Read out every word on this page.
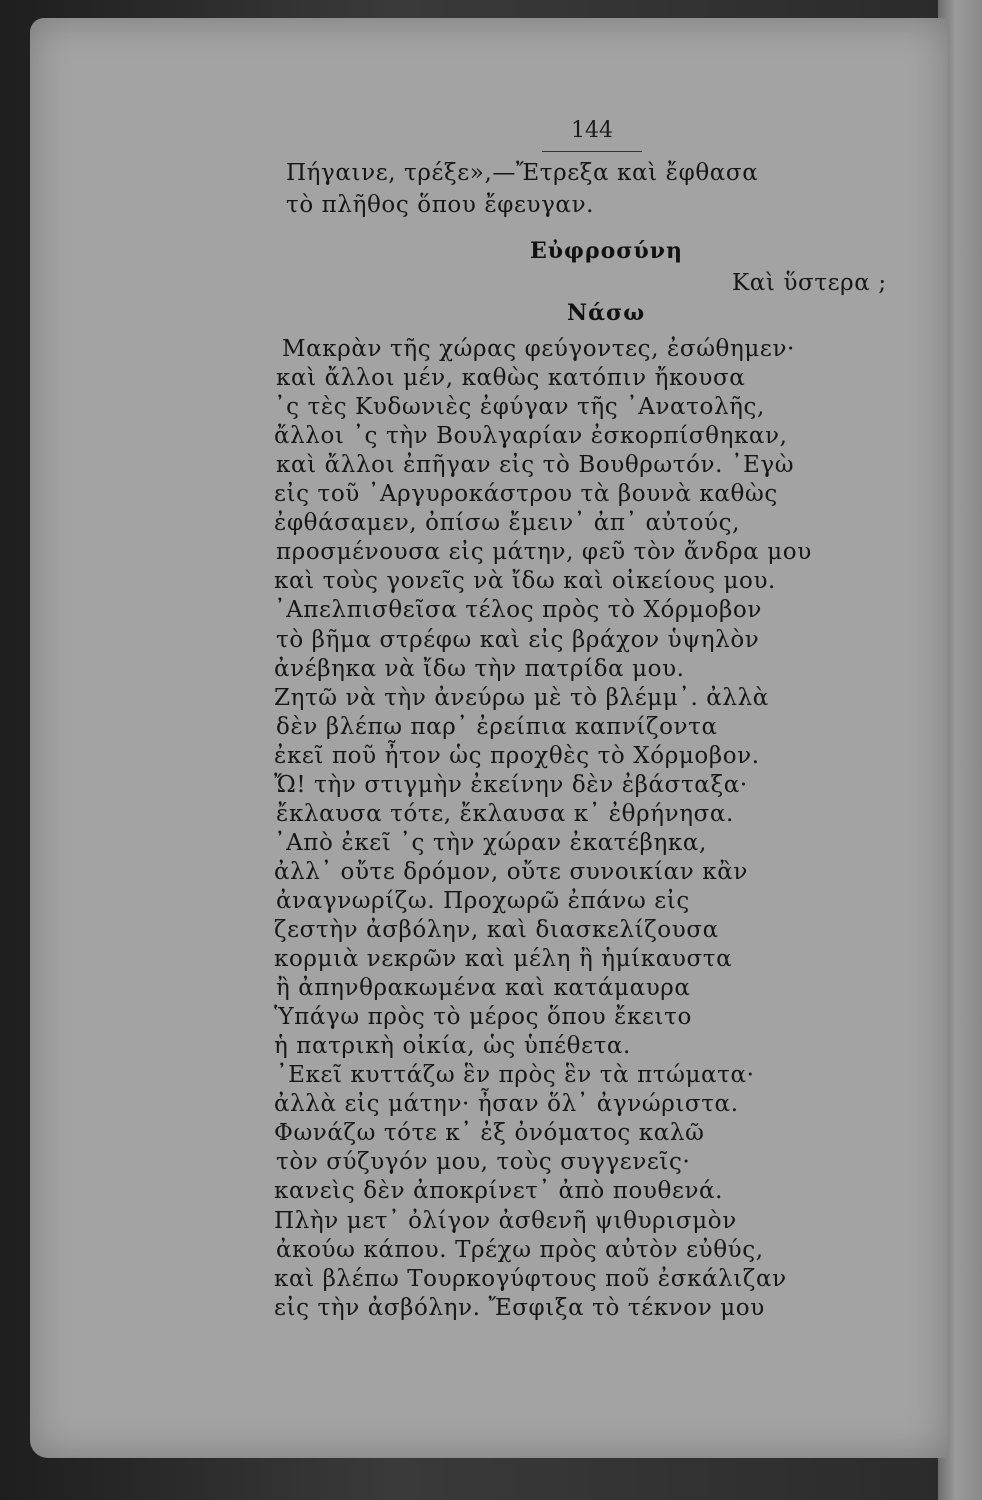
144
Πήγαινε, τρέξε»,—Ἔτρεξα καὶ ἔφθασα
τὸ πλῆθος ὅπου ἔφευγαν.
Εὐφροσύνη
Καὶ ὕστερα ;
Νάσω
Μακρὰν τῆς χώρας φεύγοντες, ἐσώθημεν·
καὶ ἄλλοι μέν, καθὼς κατόπιν ἤκουσα
᾿ς τὲς Κυδωνιὲς ἐφύγαν τῆς ᾿Ανατολῆς,
ἄλλοι ᾿ς τὴν Βουλγαρίαν ἐσκορπίσθηκαν,
καὶ ἄλλοι ἐπῆγαν εἰς τὸ Βουθρωτόν. ᾿Εγὼ
εἰς τοῦ ᾿Αργυροκάστρου τὰ βουνὰ καθὼς
ἐφθάσαμεν, ὀπίσω ἔμειν᾿ ἀπ᾿ αὐτούς,
προσμένουσα εἰς μάτην, φεῦ τὸν ἄνδρα μου
καὶ τοὺς γονεῖς νὰ ἴδω καὶ οἰκείους μου.
᾿Απελπισθεῖσα τέλος πρὸς τὸ Χόρμοβον
τὸ βῆμα στρέφω καὶ εἰς βράχον ὑψηλὸν
ἀνέβηκα νὰ ἴδω τὴν πατρίδα μου.
Ζητῶ νὰ τὴν ἀνεύρω μὲ τὸ βλέμμ᾿. ἀλλὰ
δὲν βλέπω παρ᾿ ἐρείπια καπνίζοντα
ἐκεῖ ποῦ ἦτον ὡς προχθὲς τὸ Χόρμοβον.
Ὤ! τὴν στιγμὴν ἐκείνην δὲν ἐβάσταξα·
ἔκλαυσα τότε, ἔκλαυσα κ᾿ ἐθρήνησα.
᾿Απὸ ἐκεῖ ᾿ς τὴν χώραν ἐκατέβηκα,
ἀλλ᾿ οὔτε δρόμον, οὔτε συνοικίαν κἂν
ἀναγνωρίζω. Προχωρῶ ἐπάνω εἰς
ζεστὴν ἀσβόλην, καὶ διασκελίζουσα
κορμιὰ νεκρῶν καὶ μέλη ἢ ἡμίκαυστα
ἢ ἀπηνθρακωμένα καὶ κατάμαυρα
Ὑπάγω πρὸς τὸ μέρος ὅπου ἔκειτο
ἡ πατρικὴ οἰκία, ὡς ὑπέθετα.
᾿Εκεῖ κυττάζω ἓν πρὸς ἓν τὰ πτώματα·
ἀλλὰ εἰς μάτην· ἦσαν ὅλ᾿ ἀγνώριστα.
Φωνάζω τότε κ᾿ ἐξ ὀνόματος καλῶ
τὸν σύζυγόν μου, τοὺς συγγενεῖς·
κανεὶς δὲν ἀποκρίνετ᾿ ἀπὸ πουθενά.
Πλὴν μετ᾿ ὀλίγον ἀσθενῆ ψιθυρισμὸν
ἀκούω κάπου. Τρέχω πρὸς αὐτὸν εὐθύς,
καὶ βλέπω Τουρκογύφτους ποῦ ἐσκάλιζαν
εἰς τὴν ἀσβόλην. Ἔσφιξα τὸ τέκνον μου
